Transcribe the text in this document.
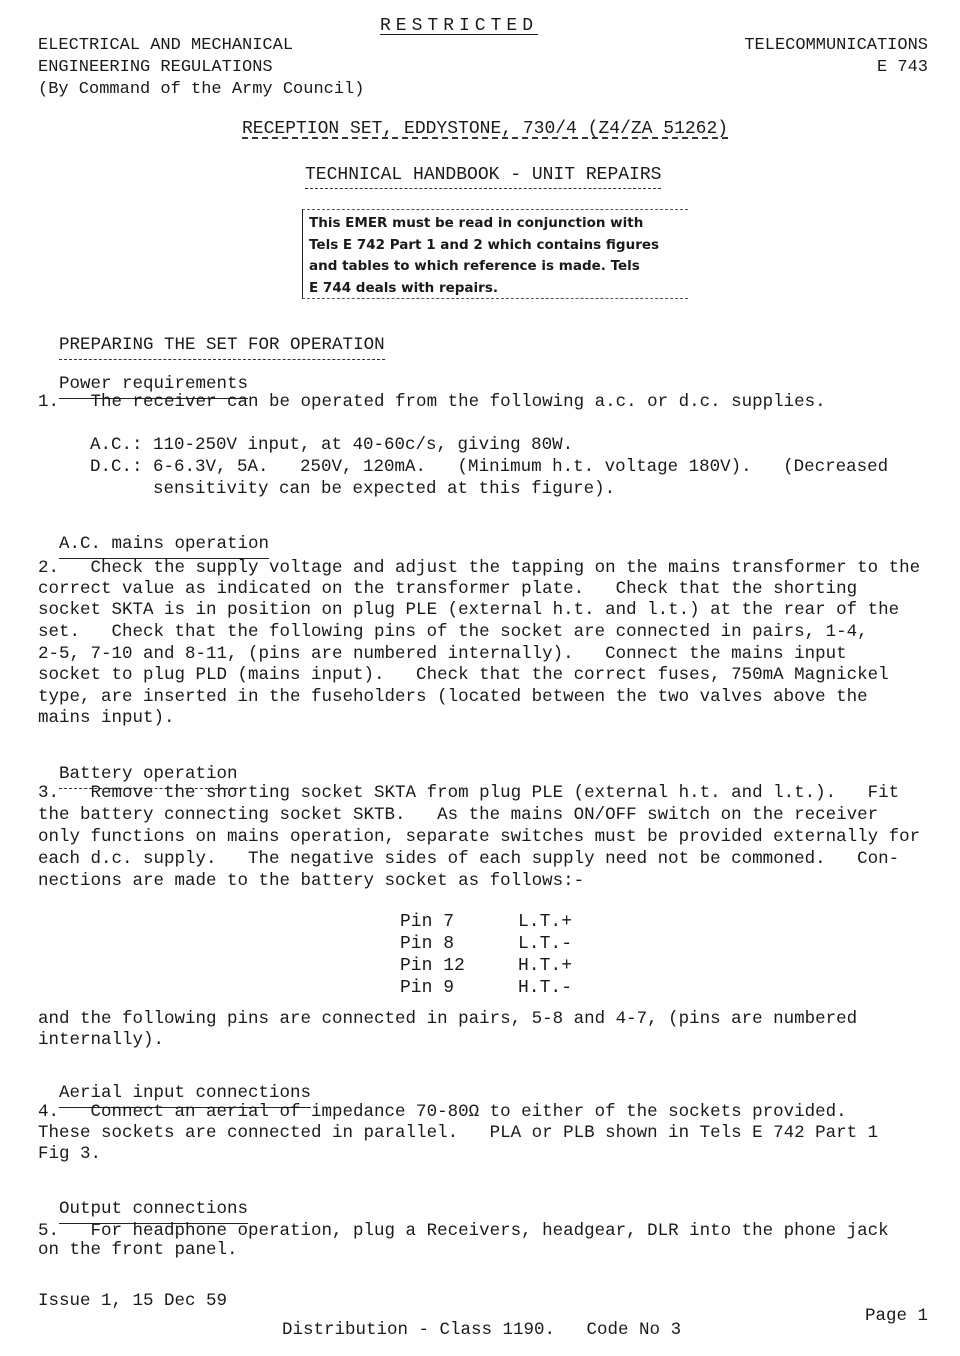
RESTRICTED
ELECTRICAL AND MECHANICAL
ENGINEERING REGULATIONS
(By Command of the Army Council)
TELECOMMUNICATIONS
E 743
RECEPTION SET, EDDYSTONE, 730/4 (Z4/ZA 51262)
TECHNICAL HANDBOOK - UNIT REPAIRS
This EMER must be read in conjunction with
Tels E 742 Part 1 and 2 which contains figures
and tables to which reference is made. Tels
E 744 deals with repairs.

PREPARING THE SET FOR OPERATION

Power requirements

1.   The receiver can be operated from the following a.c. or d.c. supplies.
A.C.: 110-250V input, at 40-60c/s, giving 80W.
D.C.: 6-6.3V, 5A.   250V, 120mA.   (Minimum h.t. voltage 180V).   (Decreased
sensitivity can be expected at this figure).

A.C. mains operation

2.   Check the supply voltage and adjust the tapping on the mains transformer to the
correct value as indicated on the transformer plate.   Check that the shorting
socket SKTA is in position on plug PLE (external h.t. and l.t.) at the rear of the
set.   Check that the following pins of the socket are connected in pairs, 1-4,
2-5, 7-10 and 8-11, (pins are numbered internally).   Connect the mains input
socket to plug PLD (mains input).   Check that the correct fuses, 750mA Magnickel
type, are inserted in the fuseholders (located between the two valves above the
mains input).

Battery operation

3.   Remove the shorting socket SKTA from plug PLE (external h.t. and l.t.).   Fit
the battery connecting socket SKTB.   As the mains ON/OFF switch on the receiver
only functions on mains operation, separate switches must be provided externally for
each d.c. supply.   The negative sides of each supply need not be commoned.   Con-
nections are made to the battery socket as follows:-
Pin 7	L.T.+
Pin 8	L.T.-
Pin 12	H.T.+
Pin 9	H.T.-
and the following pins are connected in pairs, 5-8 and 4-7, (pins are numbered
internally).

Aerial input connections

4.   Connect an aerial of impedance 70-80Ω to either of the sockets provided.
These sockets are connected in parallel.   PLA or PLB shown in Tels E 742 Part 1
Fig 3.

Output connections

5.   For headphone operation, plug a Receivers, headgear, DLR into the phone jack
on the front panel.
Issue 1, 15 Dec 59
Distribution - Class 1190.   Code No 3
Page 1
